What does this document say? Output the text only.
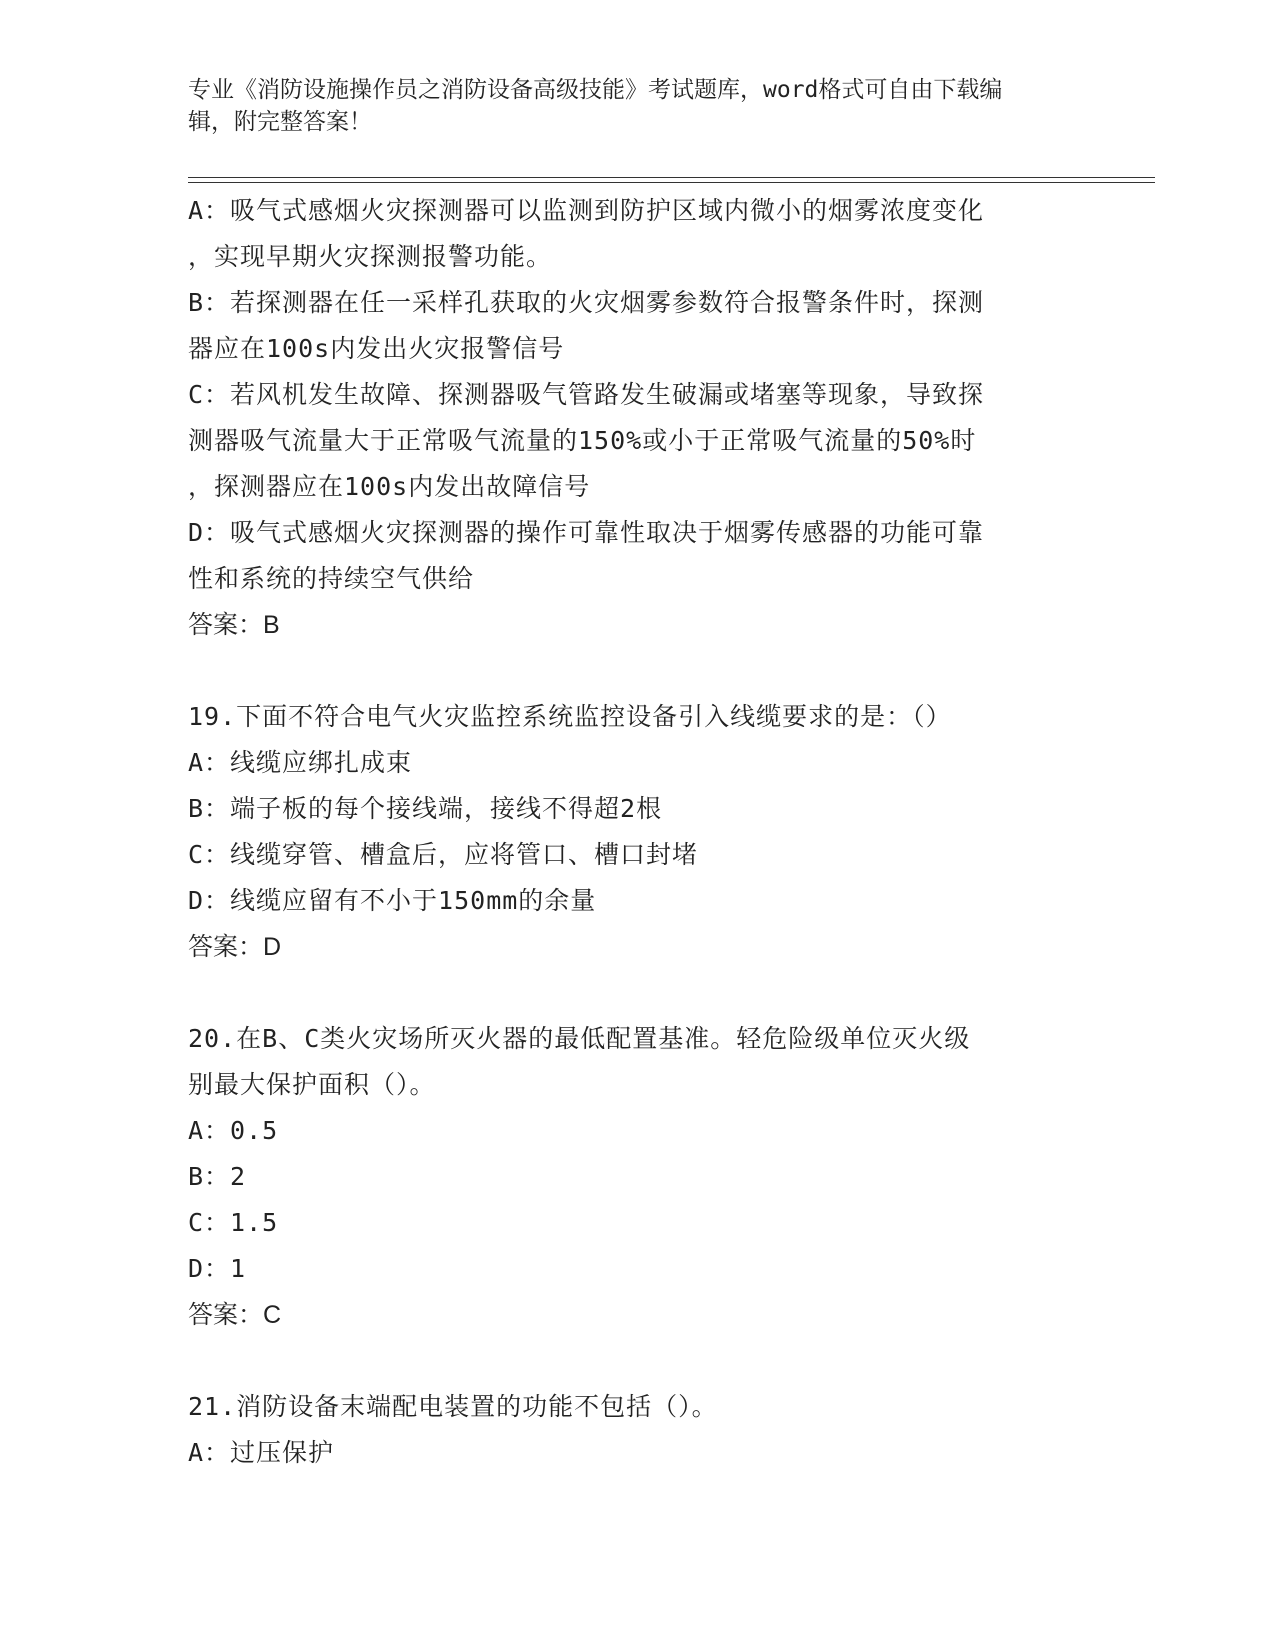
专业《消防设施操作员之消防设备高级技能》考试题库，word格式可自由下载编
辑，附完整答案！
A：吸气式感烟火灾探测器可以监测到防护区域内微小的烟雾浓度变化
，实现早期火灾探测报警功能。
B：若探测器在任一采样孔获取的火灾烟雾参数符合报警条件时，探测
器应在100s内发出火灾报警信号
C：若风机发生故障、探测器吸气管路发生破漏或堵塞等现象，导致探
测器吸气流量大于正常吸气流量的150%或小于正常吸气流量的50%时
，探测器应在100s内发出故障信号
D：吸气式感烟火灾探测器的操作可靠性取决于烟雾传感器的功能可靠
性和系统的持续空气供给
答案：B
19.下面不符合电气火灾监控系统监控设备引入线缆要求的是：（）
A：线缆应绑扎成束
B：端子板的每个接线端，接线不得超2根
C：线缆穿管、槽盒后，应将管口、槽口封堵
D：线缆应留有不小于150mm的余量
答案：D
20.在B、C类火灾场所灭火器的最低配置基准。轻危险级单位灭火级
别最大保护面积（）。
A：0.5
B：2
C：1.5
D：1
答案：C
21.消防设备末端配电装置的功能不包括（）。
A：过压保护
